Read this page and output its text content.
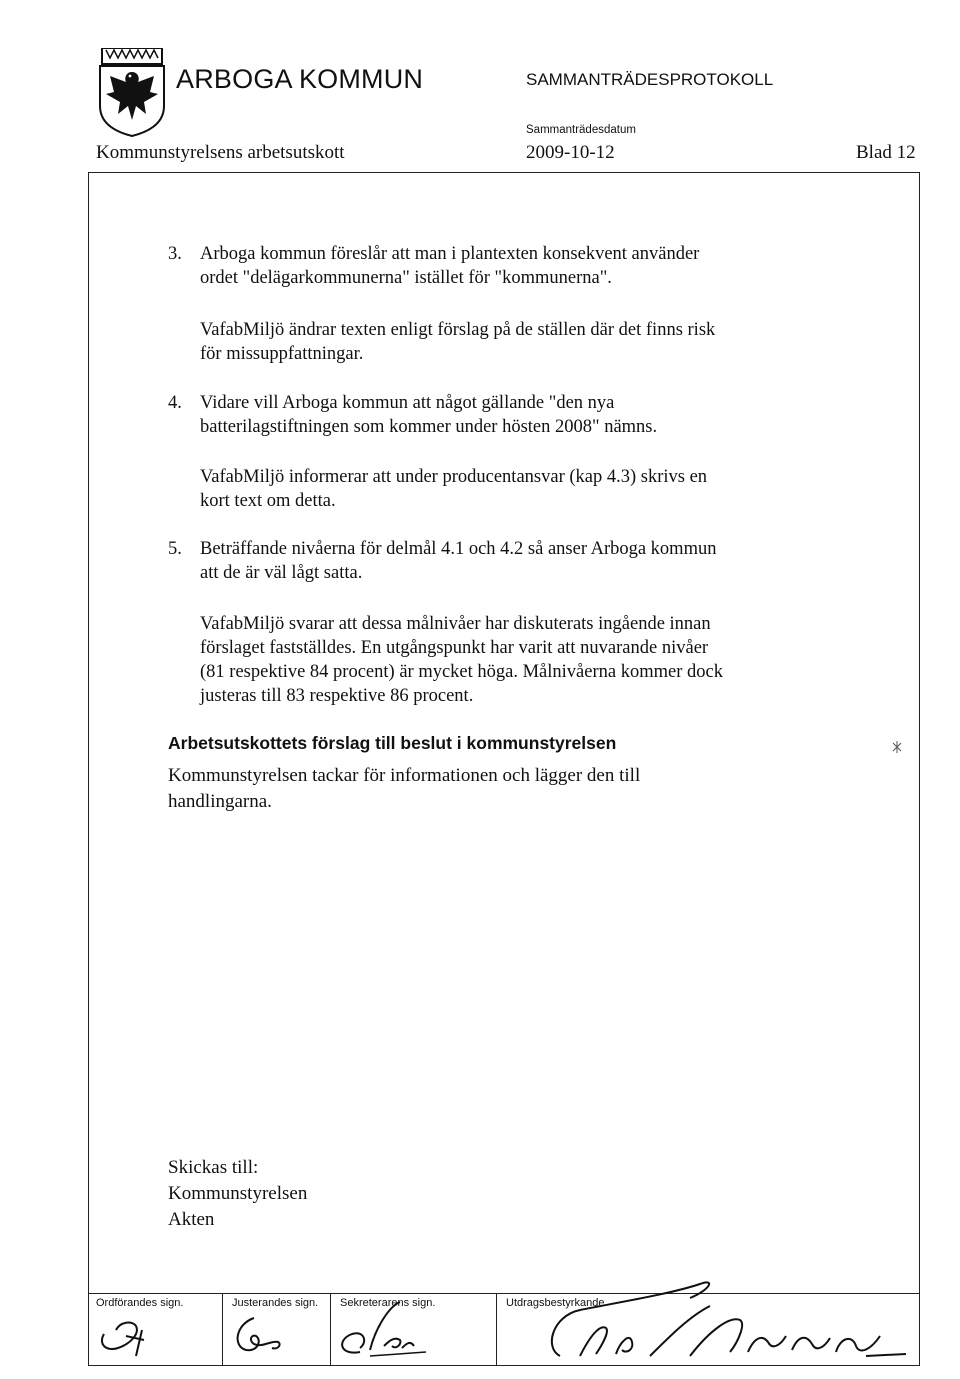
ARBOGA KOMMUN	SAMMANTRÄDESPROTOKOLL
Sammanträdesdatum
Kommunstyrelsens arbetsutskott	2009-10-12	Blad 12
3. Arboga kommun föreslår att man i plantexten konsekvent använder
ordet "delägarkommunerna" istället för "kommunerna".
VafabMiljö ändrar texten enligt förslag på de ställen där det finns risk
för missuppfattningar.
4. Vidare vill Arboga kommun att något gällande "den nya
batterilagstiftningen som kommer under hösten 2008" nämns.
VafabMiljö informerar att under producentansvar (kap 4.3) skrivs en
kort text om detta.
5. Beträffande nivåerna för delmål 4.1 och 4.2 så anser Arboga kommun
att de är väl lågt satta.
VafabMiljö svarar att dessa målnivåer har diskuterats ingående innan
förslaget fastställdes. En utgångspunkt har varit att nuvarande nivåer
(81 respektive 84 procent) är mycket höga. Målnivåerna kommer dock
justeras till 83 respektive 86 procent.
Arbetsutskottets förslag till beslut i kommunstyrelsen
Kommunstyrelsen tackar för informationen och lägger den till
handlingarna.
Skickas till:
Kommunstyrelsen
Akten
Ordförandes sign.	Justerandes sign. Sekreterarens sign.	Utdragsbestyrkande
